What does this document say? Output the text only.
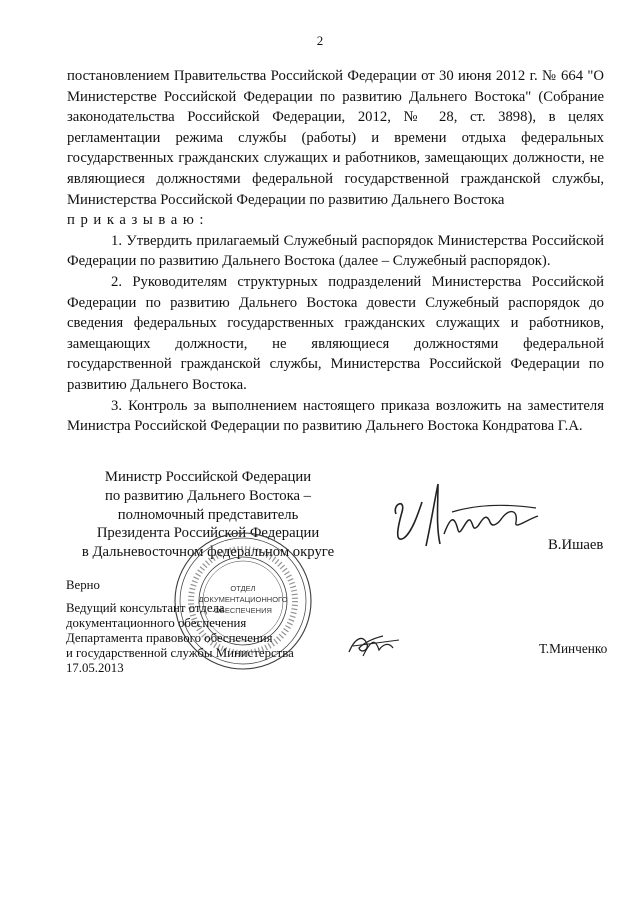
2

постановлением Правительства Российской Федерации от 30 июня 2012 г. № 664 "О Министерстве Российской Федерации по развитию Дальнего Востока" (Собрание законодательства Российской Федерации, 2012, № 28, ст. 3898), в целях регламентации режима службы (работы) и времени отдыха федеральных государственных гражданских служащих и работников, замещающих должности, не являющиеся должностями федеральной государственной гражданской службы, Министерства Российской Федерации по развитию Дальнего Востока

приказываю:

1. Утвердить прилагаемый Служебный распорядок Министерства Российской Федерации по развитию Дальнего Востока (далее – Служебный распорядок).

2. Руководителям структурных подразделений Министерства Российской Федерации по развитию Дальнего Востока довести Служебный распорядок до сведения федеральных государственных гражданских служащих и работников, замещающих должности, не являющиеся должностями федеральной государственной гражданской службы, Министерства Российской Федерации по развитию Дальнего Востока.

3. Контроль за выполнением настоящего приказа возложить на заместителя Министра Российской Федерации по развитию Дальнего Востока Кондратова Г.А.

Министр Российской Федерации

по развитию Дальнего Востока –

полномочный представитель

Президента Российской Федерации

в Дальневосточном федеральном округе	В.Ишаев
ОТДЕЛ
ДОКУМЕНТАЦИОННОГО
ОБЕСПЕЧЕНИЯ

Верно

Ведущий консультант отдела

документационного обеспечения

Департамента правового обеспечения

и государственной службы Министерства

17.05.2013

Т.Минченко
